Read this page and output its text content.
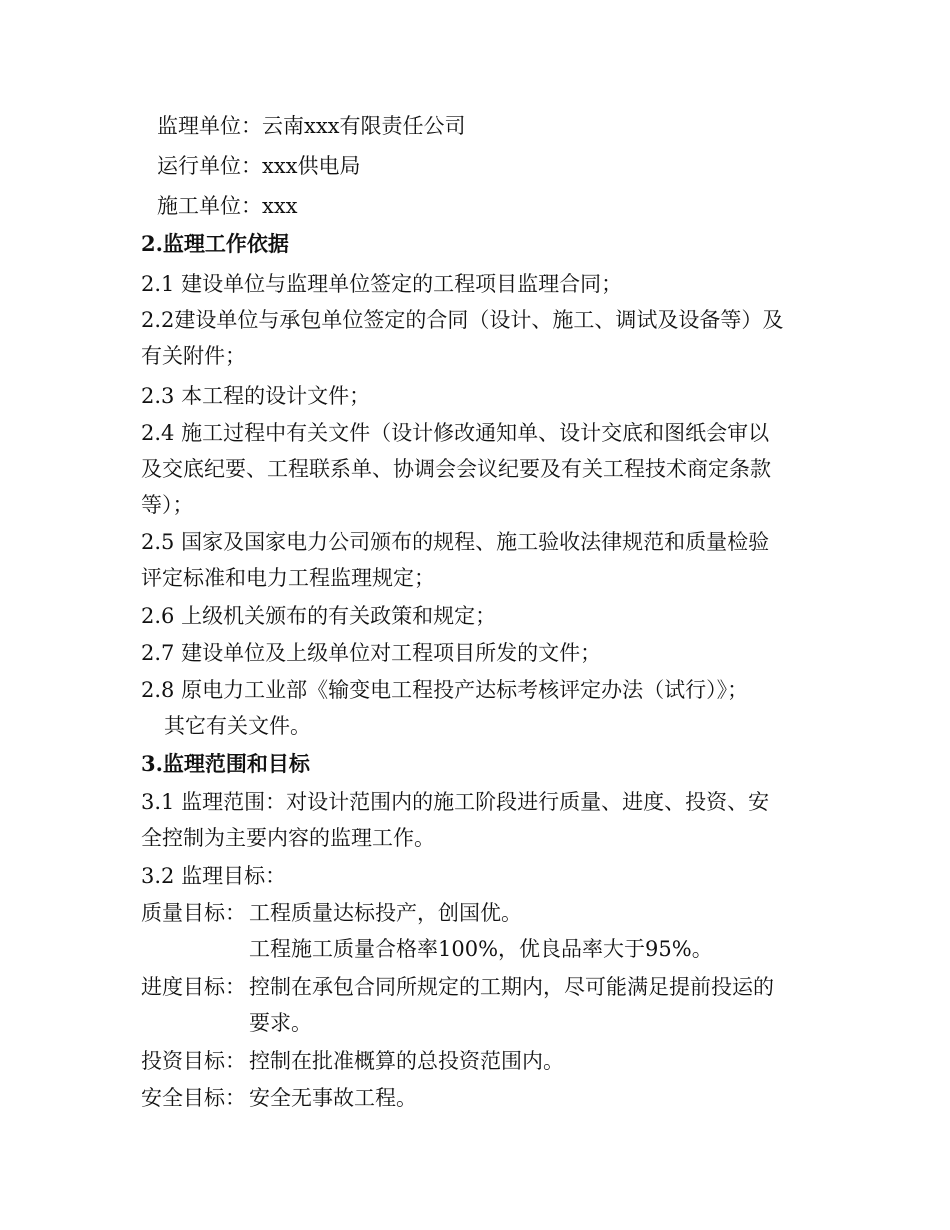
监理单位：云南xxx有限责任公司
运行单位：xxx供电局
施工单位：xxx
2.监理工作依据
2.1 建设单位与监理单位签定的工程项目监理合同；
2.2建设单位与承包单位签定的合同（设计、施工、调试及设备等）及
有关附件；
2.3 本工程的设计文件；
2.4 施工过程中有关文件（设计修改通知单、设计交底和图纸会审以
及交底纪要、工程联系单、协调会会议纪要及有关工程技术商定条款
等）；
2.5 国家及国家电力公司颁布的规程、施工验收法律规范和质量检验
评定标准和电力工程监理规定；
2.6 上级机关颁布的有关政策和规定；
2.7 建设单位及上级单位对工程项目所发的文件；
2.8 原电力工业部《输变电工程投产达标考核评定办法（试行）》；
其它有关文件。
3.监理范围和目标
3.1 监理范围：对设计范围内的施工阶段进行质量、进度、投资、安
全控制为主要内容的监理工作。
3.2 监理目标：
质量目标： 工程质量达标投产，创国优。
工程施工质量合格率100%，优良品率大于95%。
进度目标： 控制在承包合同所规定的工期内，尽可能满足提前投运的
要求。
投资目标： 控制在批准概算的总投资范围内。
安全目标： 安全无事故工程。
